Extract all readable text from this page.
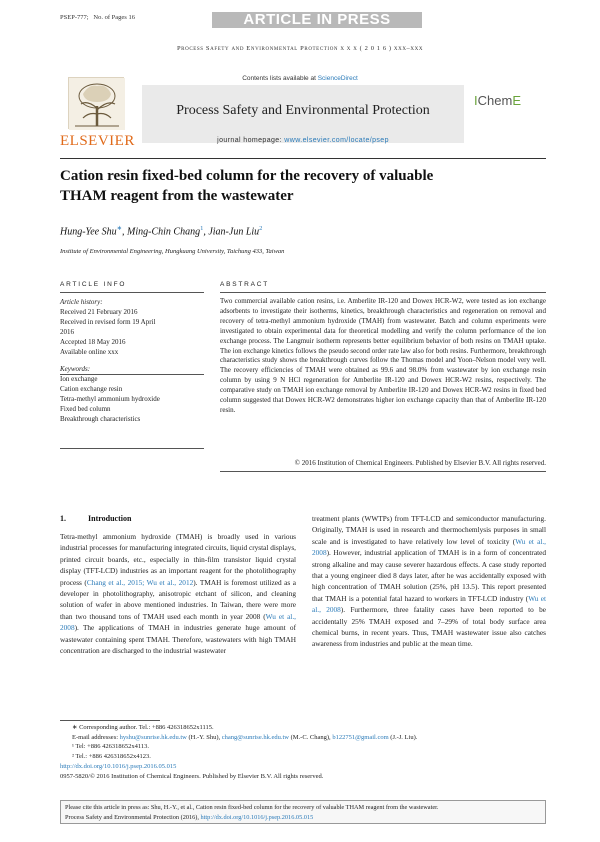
PSEP-777; No. of Pages 16	ARTICLE IN PRESS
Process Safety and Environmental Protection x x x ( 2 0 1 6 ) xxx–xxx
ELSEVIER
Contents lists available at ScienceDirect
Process Safety and Environmental Protection
journal homepage: www.elsevier.com/locate/psep
IChemE
Cation resin fixed-bed column for the recovery of valuable THAM reagent from the wastewater
Hung-Yee Shu∗, Ming-Chin Chang$^1$, Jian-Jun Liu$^2$
Institute of Environmental Engineering, Hungkuang University, Taichung 433, Taiwan
ARTICLE INFO	ABSTRACT
Article history:
Received 21 February 2016
Received in revised form 19 April
2016
Accepted 18 May 2016
Available online xxx
Keywords:
Ion exchange
Cation exchange resin
Tetra-methyl ammonium hydroxide
Fixed bed column
Breakthrough characteristics
Two commercial available cation resins, i.e. Amberlite IR-120 and Dowex HCR-W2, were tested as ion exchange adsorbents to investigate their isotherms, kinetics, breakthrough characteristics and regeneration on removal and recovery of tetra-methyl ammonium hydroxide (TMAH) from wastewater. Batch and column experiments were investigated to obtain experimental data for theoretical modelling and verify the column performance of the ion exchange process. The Langmuir isotherm represents better equilibrium behavior of both resins on TMAH uptake. The ion exchange kinetics follows the pseudo second order rate law also for both resins. Furthermore, breakthrough characteristics study shows the breakthrough curves follow the Thomas model and Yoon–Nelson model very well. The recovery efficiencies of TMAH were obtained as 99.6 and 98.0% from wastewater by ion exchange resin column by using 9 N HCl regeneration for Amberlite IR-120 and Dowex HCR-W2 resins, respectively. The comparative study on TMAH ion exchange removal by Amberlite IR-120 and Dowex HCR-W2 resins in fixed bed column suggested that Dowex HCR-W2 demonstrates higher ion exchange capacity than that of Amberlite IR-120 resin.
© 2016 Institution of Chemical Engineers. Published by Elsevier B.V. All rights reserved.
1.	Introduction
Tetra-methyl ammonium hydroxide (TMAH) is broadly used in various industrial processes for manufacturing integrated circuits, liquid crystal displays, printed circuit boards, etc., especially in thin-film transistor liquid crystal display (TFT-LCD) industries as an important reagent for the photolithography process (Chang et al., 2015; Wu et al., 2012). TMAH is foremost utilized as a developer in photolithography, anisotropic etchant of silicon, and cleaning solution of wafer in above mentioned industries. In Taiwan, there were more than two thousand tons of TMAH used each month in year 2008 (Wu et al., 2008). The applications of TMAH in industries generate huge amount of wastewater containing spent TMAH. Therefore, wastewaters with high TMAH concentration are discharged to the industrial wastewater
treatment plants (WWTPs) from TFT-LCD and semiconductor manufacturing. Originally, TMAH is used in research and thermochemlysis purposes in small scale and is investigated to have relatively low level of toxicity (Wu et al., 2008). However, industrial application of TMAH is in a form of concentrated strong alkaline and may cause severer hazardous effects. A case study reported that a young engineer died 8 days later, after he was accidentally exposed with high concentration of TMAH solution (25%, pH 13.5). This report presented that TMAH is a potential fatal hazard to workers in TFT-LCD industry (Wu et al., 2008). Furthermore, three fatality cases have been reported to be accidentally 25% TMAH exposed and 7–29% of total body surface area chemical burns, in recent years. Thus, TMAH wastewater issue also catches awareness from industries and public at the mean time.
∗ Corresponding author. Tel.: +886 426318652x1115.
E-mail addresses: hyshu@sunrise.hk.edu.tw (H.-Y. Shu), chang@sunrise.hk.edu.tw (M.-C. Chang), b122751@gmail.com (J.-J. Liu).
¹ Tel: +886 426318652x4113.
² Tel.: +886 426318652x4123.
http://dx.doi.org/10.1016/j.psep.2016.05.015
0957-5820/© 2016 Institution of Chemical Engineers. Published by Elsevier B.V. All rights reserved.
Please cite this article in press as: Shu, H.-Y., et al., Cation resin fixed-bed column for the recovery of valuable THAM reagent from the wastewater.
Process Safety and Environmental Protection (2016), http://dx.doi.org/10.1016/j.psep.2016.05.015
